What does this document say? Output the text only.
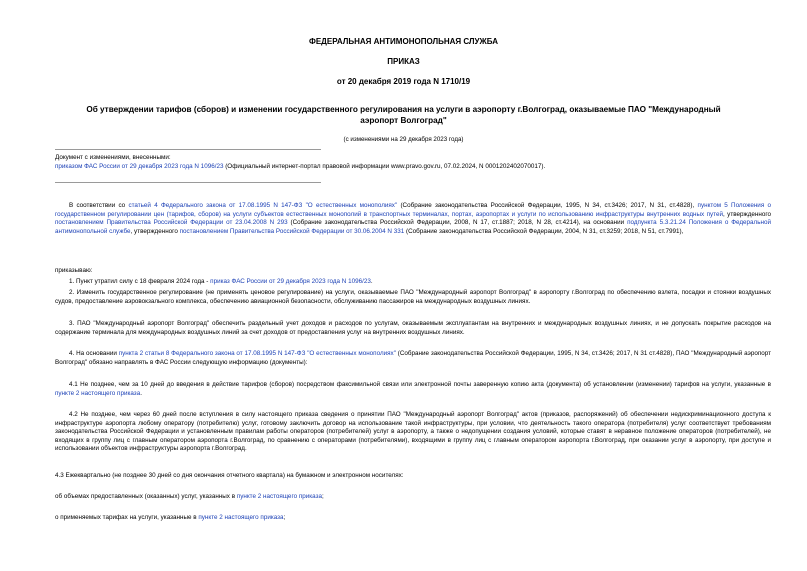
ФЕДЕРАЛЬНАЯ АНТИМОНОПОЛЬНАЯ СЛУЖБА
ПРИКАЗ
от 20 декабря 2019 года N 1710/19
Об утверждении тарифов (сборов) и изменении государственного регулирования на услуги в аэропорту г.Волгоград, оказываемые ПАО "Международный аэропорт Волгоград"
(с изменениями на 29 декабря 2023 года)
Документ с изменениями, внесенными:
приказом ФАС России от 29 декабря 2023 года N 1096/23 (Официальный интернет-портал правовой информации www.pravo.gov.ru, 07.02.2024, N 0001202402070017).
В соответствии со статьей 4 Федерального закона от 17.08.1995 N 147-ФЗ "О естественных монополиях" (Собрание законодательства Российской Федерации, 1995, N 34, ст.3426; 2017, N 31, ст.4828), пунктом 5 Положения о государственном регулировании цен (тарифов, сборов) на услуги субъектов естественных монополий в транспортных терминалах, портах, аэропортах и услуги по использованию инфраструктуры внутренних водных путей, утвержденного постановлением Правительства Российской Федерации от 23.04.2008 N 293 (Собрание законодательства Российской Федерации, 2008, N 17, ст.1887; 2018, N 28, ст.4214), на основании подпункта 5.3.21.24 Положения о Федеральной антимонопольной службе, утвержденного постановлением Правительства Российской Федерации от 30.06.2004 N 331 (Собрание законодательства Российской Федерации, 2004, N 31, ст.3259; 2018, N 51, ст.7991),
приказываю:
1. Пункт утратил силу с 18 февраля 2024 года - приказ ФАС России от 29 декабря 2023 года N 1096/23.
2. Изменить государственное регулирование (не применять ценовое регулирование) на услуги, оказываемые ПАО "Международный аэропорт Волгоград" в аэропорту г.Волгоград по обеспечению взлета, посадки и стоянки воздушных судов, предоставление аэровокзального комплекса, обеспечению авиационной безопасности, обслуживанию пассажиров на международных воздушных линиях.
3. ПАО "Международный аэропорт Волгоград" обеспечить раздельный учет доходов и расходов по услугам, оказываемым эксплуатантам на внутренних и международных воздушных линиях, и не допускать покрытие расходов на содержание терминала для международных воздушных линий за счет доходов от предоставления услуг на внутренних воздушных линиях.
4. На основании пункта 2 статьи 8 Федерального закона от 17.08.1995 N 147-ФЗ "О естественных монополиях" (Собрание законодательства Российской Федерации, 1995, N 34, ст.3426; 2017, N 31 ст.4828), ПАО "Международный аэропорт Волгоград" обязано направлять в ФАС России следующую информацию (документы):
4.1 Не позднее, чем за 10 дней до введения в действие тарифов (сборов) посредством факсимильной связи или электронной почты заверенную копию акта (документа) об установлении (изменении) тарифов на услуги, указанные в пункте 2 настоящего приказа.
4.2 Не позднее, чем через 60 дней после вступления в силу настоящего приказа сведения о принятии ПАО "Международный аэропорт Волгоград" актов (приказов, распоряжений) об обеспечении недискриминационного доступа к инфраструктуре аэропорта любому оператору (потребителю) услуг, готовому заключить договор на использование такой инфраструктуры, при условии, что деятельность такого оператора (потребителя) услуг соответствует требованиям законодательства Российской Федерации и установленным правилам работы операторов (потребителей) услуг в аэропорту, а также о недопущении создания условий, которые ставят в неравное положение операторов (потребителей), не входящих в группу лиц с главным оператором аэропорта г.Волгоград, по сравнению с операторами (потребителями), входящими в группу лиц с главным оператором аэропорта г.Волгоград, при оказании услуг в аэропорту, при доступе и использовании объектов инфраструктуры аэропорта г.Волгоград.
4.3 Ежеквартально (не позднее 30 дней со дня окончания отчетного квартала) на бумажном и электронном носителях:
об объемах предоставленных (оказанных) услуг, указанных в пункте 2 настоящего приказа;
о применяемых тарифах на услуги, указанные в пункте 2 настоящего приказа;
